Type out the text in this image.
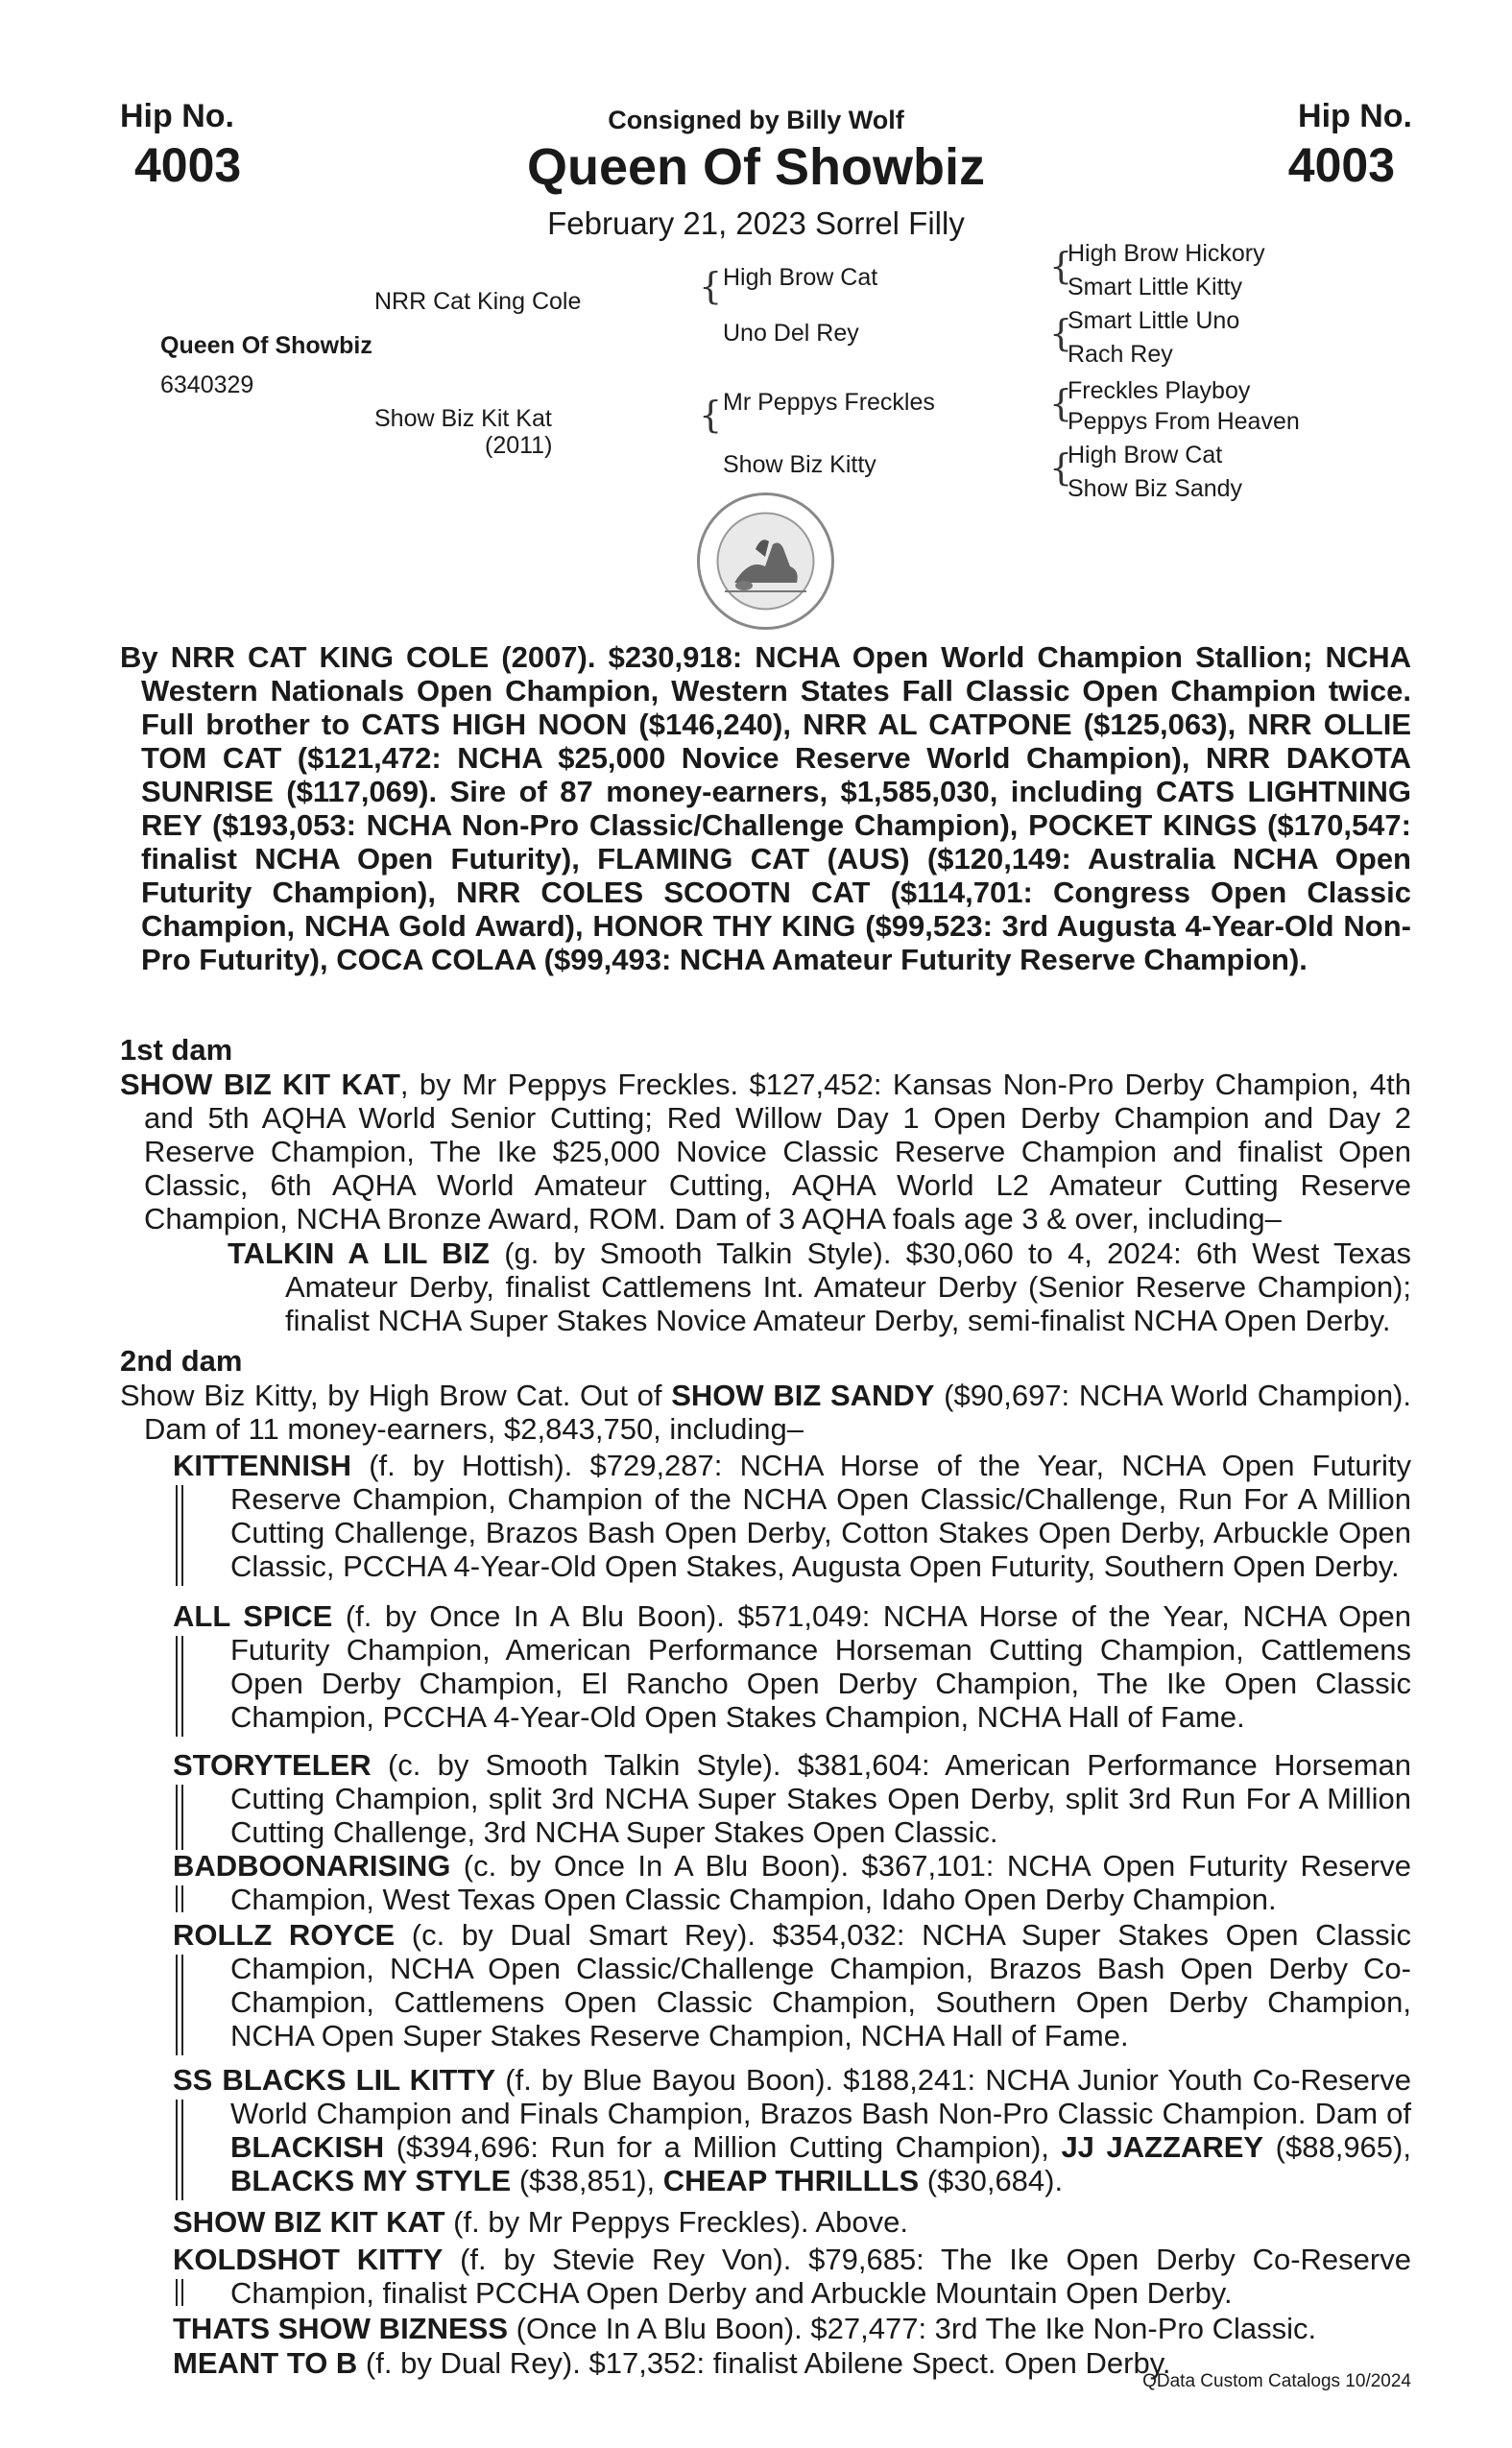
Hip No.
4003
Hip No.
4003
Consigned by Billy Wolf
Queen Of Showbiz
February 21, 2023 Sorrel Filly
Queen Of Showbiz
6340329
NRR Cat King Cole
Show Biz Kit Kat
(2011)
{ High Brow Cat
Uno Del Rey
{ Mr Peppys Freckles
Show Biz Kitty
{
High Brow Hickory
Smart Little Kitty
{
Smart Little Uno
Rach Rey
{
Freckles Playboy
Peppys From Heaven
{
High Brow Cat
Show Biz Sandy
By NRR CAT KING COLE (2007). $230,918: NCHA Open World Champion Stallion; NCHA Western Nationals Open Champion, Western States Fall Classic Open Champion twice. Full brother to CATS HIGH NOON ($146,240), NRR AL CATPONE ($125,063), NRR OLLIE TOM CAT ($121,472: NCHA $25,000 Novice Reserve World Champion), NRR DAKOTA SUNRISE ($117,069). Sire of 87 money-earners, $1,585,030, including CATS LIGHTNING REY ($193,053: NCHA Non-Pro Classic/Challenge Champion), POCKET KINGS ($170,547: finalist NCHA Open Futurity), FLAMING CAT (AUS) ($120,149: Australia NCHA Open Futurity Champion), NRR COLES SCOOTN CAT ($114,701: Congress Open Classic Champion, NCHA Gold Award), HONOR THY KING ($99,523: 3rd Augusta 4-Year-Old Non-Pro Futurity), COCA COLAA ($99,493: NCHA Amateur Futurity Reserve Champion).
1st dam
SHOW BIZ KIT KAT, by Mr Peppys Freckles. $127,452: Kansas Non-Pro Derby Champion, 4th and 5th AQHA World Senior Cutting; Red Willow Day 1 Open Derby Champion and Day 2 Reserve Champion, The Ike $25,000 Novice Classic Reserve Champion and finalist Open Classic, 6th AQHA World Amateur Cutting, AQHA World L2 Amateur Cutting Reserve Champion, NCHA Bronze Award, ROM. Dam of 3 AQHA foals age 3 & over, including–
TALKIN A LIL BIZ (g. by Smooth Talkin Style). $30,060 to 4, 2024: 6th West Texas Amateur Derby, finalist Cattlemens Int. Amateur Derby (Senior Reserve Champion); finalist NCHA Super Stakes Novice Amateur Derby, semi-finalist NCHA Open Derby.
2nd dam
Show Biz Kitty, by High Brow Cat. Out of SHOW BIZ SANDY ($90,697: NCHA World Champion). Dam of 11 money-earners, $2,843,750, including–
KITTENNISH (f. by Hottish). $729,287: NCHA Horse of the Year, NCHA Open Futurity Reserve Champion, Champion of the NCHA Open Classic/Challenge, Run For A Million Cutting Challenge, Brazos Bash Open Derby, Cotton Stakes Open Derby, Arbuckle Open Classic, PCCHA 4-Year-Old Open Stakes, Augusta Open Futurity, Southern Open Derby.
ALL SPICE (f. by Once In A Blu Boon). $571,049: NCHA Horse of the Year, NCHA Open Futurity Champion, American Performance Horseman Cutting Champion, Cattlemens Open Derby Champion, El Rancho Open Derby Champion, The Ike Open Classic Champion, PCCHA 4-Year-Old Open Stakes Champion, NCHA Hall of Fame.
STORYTELER (c. by Smooth Talkin Style). $381,604: American Performance Horseman Cutting Champion, split 3rd NCHA Super Stakes Open Derby, split 3rd Run For A Million Cutting Challenge, 3rd NCHA Super Stakes Open Classic.
BADBOONARISING (c. by Once In A Blu Boon). $367,101: NCHA Open Futurity Reserve Champion, West Texas Open Classic Champion, Idaho Open Derby Champion.
ROLLZ ROYCE (c. by Dual Smart Rey). $354,032: NCHA Super Stakes Open Classic Champion, NCHA Open Classic/Challenge Champion, Brazos Bash Open Derby Co-Champion, Cattlemens Open Classic Champion, Southern Open Derby Champion, NCHA Open Super Stakes Reserve Champion, NCHA Hall of Fame.
SS BLACKS LIL KITTY (f. by Blue Bayou Boon). $188,241: NCHA Junior Youth Co-Reserve World Champion and Finals Champion, Brazos Bash Non-Pro Classic Champion. Dam of BLACKISH ($394,696: Run for a Million Cutting Champion), JJ JAZZAREY ($88,965), BLACKS MY STYLE ($38,851), CHEAP THRILLLS ($30,684).
SHOW BIZ KIT KAT (f. by Mr Peppys Freckles). Above.
KOLDSHOT KITTY (f. by Stevie Rey Von). $79,685: The Ike Open Derby Co-Reserve Champion, finalist PCCHA Open Derby and Arbuckle Mountain Open Derby.
THATS SHOW BIZNESS (Once In A Blu Boon). $27,477: 3rd The Ike Non-Pro Classic.
MEANT TO B (f. by Dual Rey). $17,352: finalist Abilene Spect. Open Derby.
QData Custom Catalogs 10/2024
